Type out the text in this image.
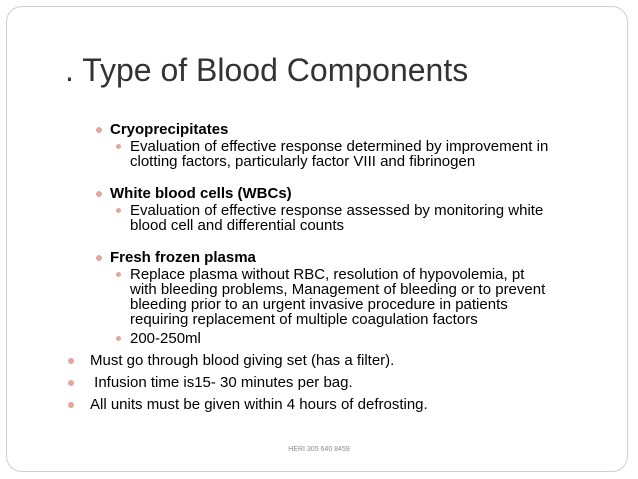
. Type of Blood Components
Cryoprecipitates
Evaluation of effective response determined by improvement in
clotting factors, particularly factor VIII and fibrinogen
White blood cells (WBCs)
Evaluation of effective response assessed by monitoring white
blood cell and differential counts
Fresh frozen plasma
Replace plasma without RBC, resolution of hypovolemia, pt
with bleeding problems, Management of bleeding or to prevent
bleeding prior to an urgent invasive procedure in patients
requiring replacement of multiple coagulation factors
200-250ml
Must go through blood giving set (has a filter).
Infusion time is15- 30 minutes per bag.
All units must be given within 4 hours of defrosting.
HERI 305 640 8459
